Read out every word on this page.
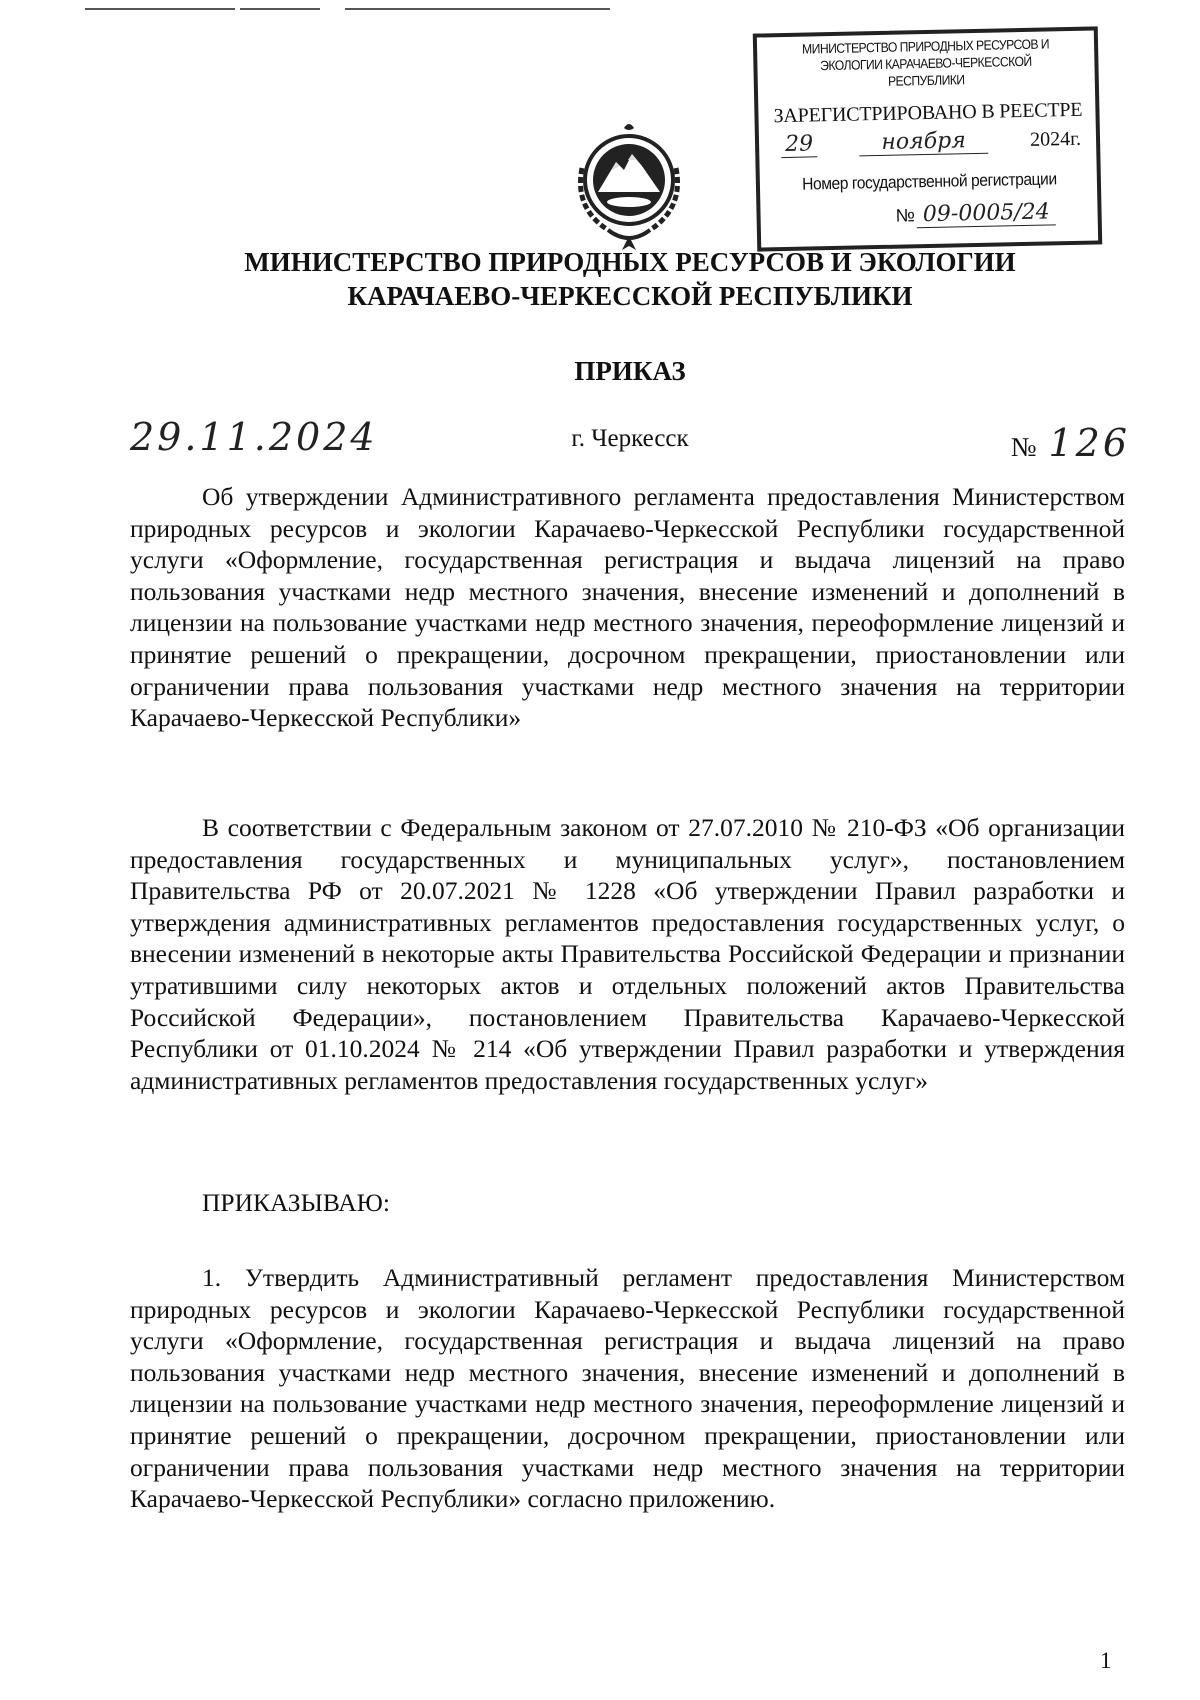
МИНИСТЕРСТВО ПРИРОДНЫХ РЕСУРСОВ И ЭКОЛОГИИ КАРАЧАЕВО-ЧЕРКЕССКОЙ РЕСПУБЛИКИ
ЗАРЕГИСТРИРОВАНО В РЕЕСТРЕ
29	ноября	2024г.
Номер государственной регистрации
№ 09-0005/24
МИНИСТЕРСТВО ПРИРОДНЫХ РЕСУРСОВ И ЭКОЛОГИИ
КАРАЧАЕВО-ЧЕРКЕССКОЙ РЕСПУБЛИКИ
ПРИКАЗ
29.11.2024	г. Черкесск	№ 126
Об утверждении Административного регламента предоставления Министерством природных ресурсов и экологии Карачаево-Черкесской Республики государственной услуги «Оформление, государственная регистрация и выдача лицензий на право пользования участками недр местного значения, внесение изменений и дополнений в лицензии на пользование участками недр местного значения, переоформление лицензий и принятие решений о прекращении, досрочном прекращении, приостановлении или ограничении права пользования участками недр местного значения на территории Карачаево-Черкесской Республики»
В соответствии с Федеральным законом от 27.07.2010 № 210-ФЗ «Об организации предоставления государственных и муниципальных услуг», постановлением Правительства РФ от 20.07.2021 № 1228 «Об утверждении Правил разработки и утверждения административных регламентов предоставления государственных услуг, о внесении изменений в некоторые акты Правительства Российской Федерации и признании утратившими силу некоторых актов и отдельных положений актов Правительства Российской Федерации», постановлением Правительства Карачаево-Черкесской Республики от 01.10.2024 № 214 «Об утверждении Правил разработки и утверждения административных регламентов предоставления государственных услуг»
ПРИКАЗЫВАЮ:
1. Утвердить Административный регламент предоставления Министерством природных ресурсов и экологии Карачаево-Черкесской Республики государственной услуги «Оформление, государственная регистрация и выдача лицензий на право пользования участками недр местного значения, внесение изменений и дополнений в лицензии на пользование участками недр местного значения, переоформление лицензий и принятие решений о прекращении, досрочном прекращении, приостановлении или ограничении права пользования участками недр местного значения на территории Карачаево-Черкесской Республики» согласно приложению.
1
